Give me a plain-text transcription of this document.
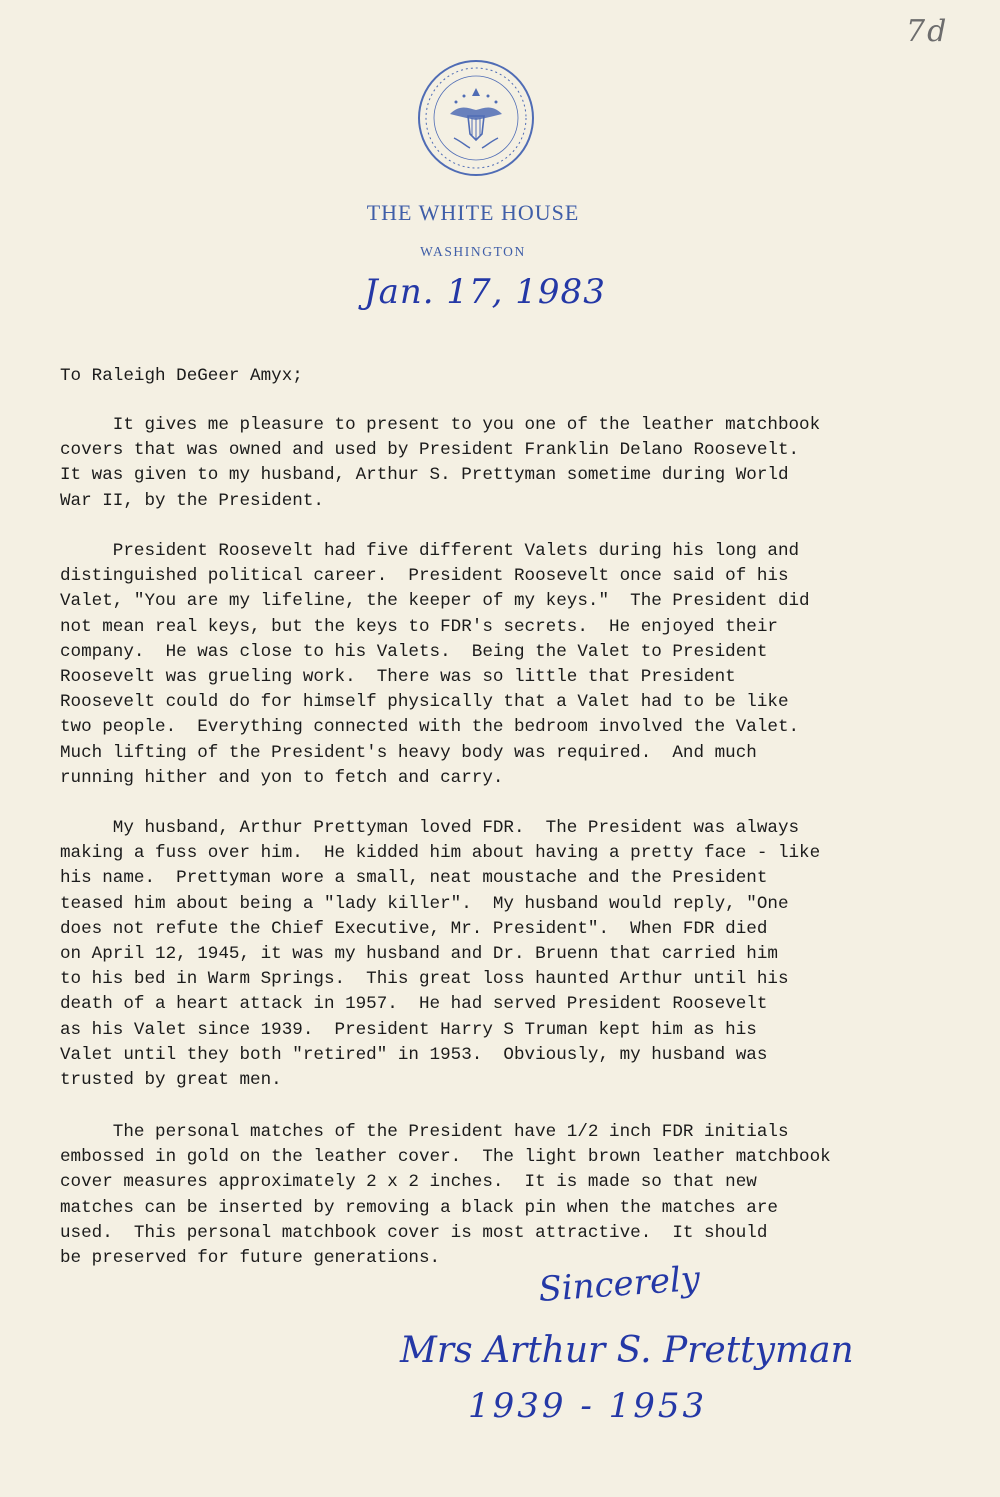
7d
THE WHITE HOUSE
WASHINGTON
Jan. 17, 1983
To Raleigh DeGeer Amyx;
It gives me pleasure to present to you one of the leather matchbook
covers that was owned and used by President Franklin Delano Roosevelt.
It was given to my husband, Arthur S. Prettyman sometime during World
War II, by the President.
President Roosevelt had five different Valets during his long and
distinguished political career.  President Roosevelt once said of his
Valet, "You are my lifeline, the keeper of my keys."  The President did
not mean real keys, but the keys to FDR's secrets.  He enjoyed their
company.  He was close to his Valets.  Being the Valet to President
Roosevelt was grueling work.  There was so little that President
Roosevelt could do for himself physically that a Valet had to be like
two people.  Everything connected with the bedroom involved the Valet.
Much lifting of the President's heavy body was required.  And much
running hither and yon to fetch and carry.
My husband, Arthur Prettyman loved FDR.  The President was always
making a fuss over him.  He kidded him about having a pretty face - like
his name.  Prettyman wore a small, neat moustache and the President
teased him about being a "lady killer".  My husband would reply, "One
does not refute the Chief Executive, Mr. President".  When FDR died
on April 12, 1945, it was my husband and Dr. Bruenn that carried him
to his bed in Warm Springs.  This great loss haunted Arthur until his
death of a heart attack in 1957.  He had served President Roosevelt
as his Valet since 1939.  President Harry S Truman kept him as his
Valet until they both "retired" in 1953.  Obviously, my husband was
trusted by great men.
The personal matches of the President have 1/2 inch FDR initials
embossed in gold on the leather cover.  The light brown leather matchbook
cover measures approximately 2 x 2 inches.  It is made so that new
matches can be inserted by removing a black pin when the matches are
used.  This personal matchbook cover is most attractive.  It should
be preserved for future generations.
Sincerely
Mrs Arthur S. Prettyman
1939 - 1953
